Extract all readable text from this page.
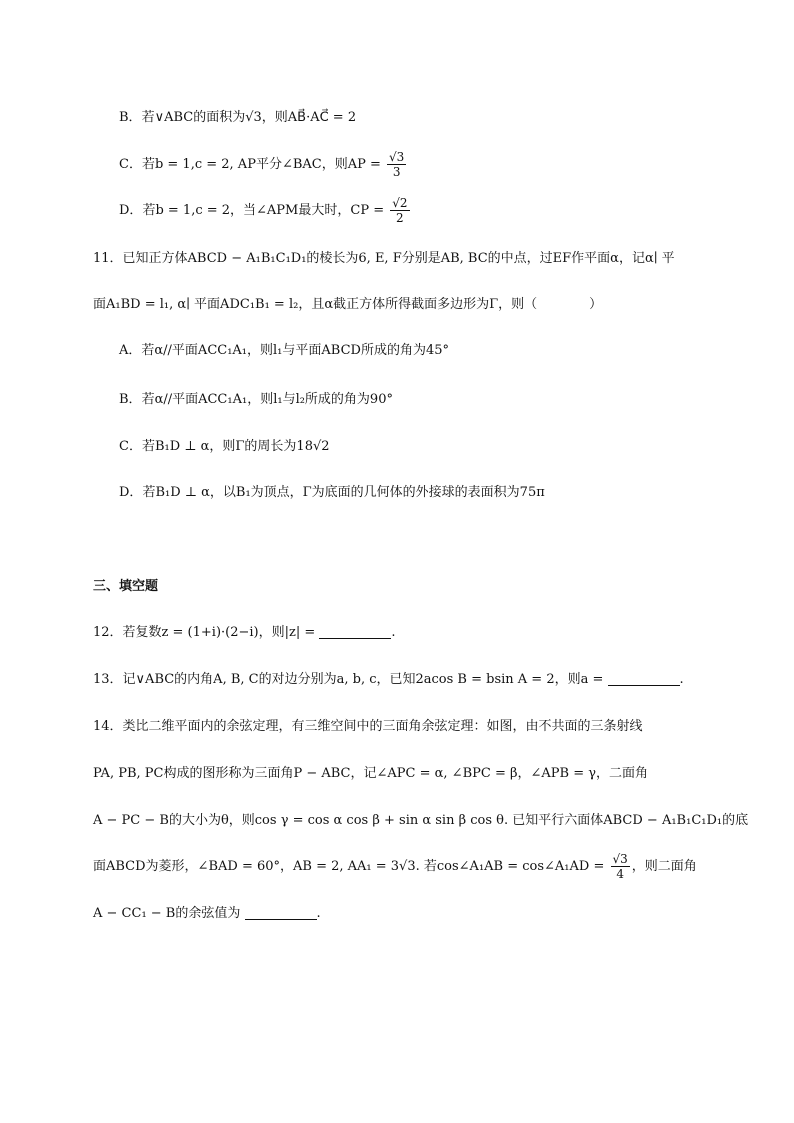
B．若∨ABC的面积为√3，则AB⃗·AC⃗ = 2
C．若b = 1,c = 2, AP平分∠BAC，则AP = $\frac{√3}{3}$
D．若b = 1,c = 2，当∠APM最大时，CP = $\frac{√2}{2}$
11．已知正方体ABCD − A₁B₁C₁D₁的棱长为6, E, F分别是AB, BC的中点，过EF作平面α，记α∣ 平
面A₁BD = l₁, α∣ 平面ADC₁B₁ = l₂，且α截正方体所得截面多边形为Γ，则（　　　　）
A．若α//平面ACC₁A₁，则l₁与平面ABCD所成的角为45°
B．若α//平面ACC₁A₁，则l₁与l₂所成的角为90°
C．若B₁D ⊥ α，则Γ的周长为18√2
D．若B₁D ⊥ α，以B₁为顶点，Γ为底面的几何体的外接球的表面积为75π
三、填空题
12．若复数z = (1+i)·(2−i)，则|z| =	.
13．记∨ABC的内角A, B, C的对边分别为a, b, c，已知2acos B = bsin A = 2，则a =	.
14．类比二维平面内的余弦定理，有三维空间中的三面角余弦定理：如图，由不共面的三条射线
PA, PB, PC构成的图形称为三面角P − ABC，记∠APC = α, ∠BPC = β，∠APB = γ，二面角
A − PC − B的大小为θ，则cos γ = cos α cos β + sin α sin β cos θ. 已知平行六面体ABCD − A₁B₁C₁D₁的底
面ABCD为菱形，∠BAD = 60°，AB = 2, AA₁ = 3√3. 若cos∠A₁AB = cos∠A₁AD = $\frac{√3}{4}$ ，则二面角
A − CC₁ − B的余弦值为	.
